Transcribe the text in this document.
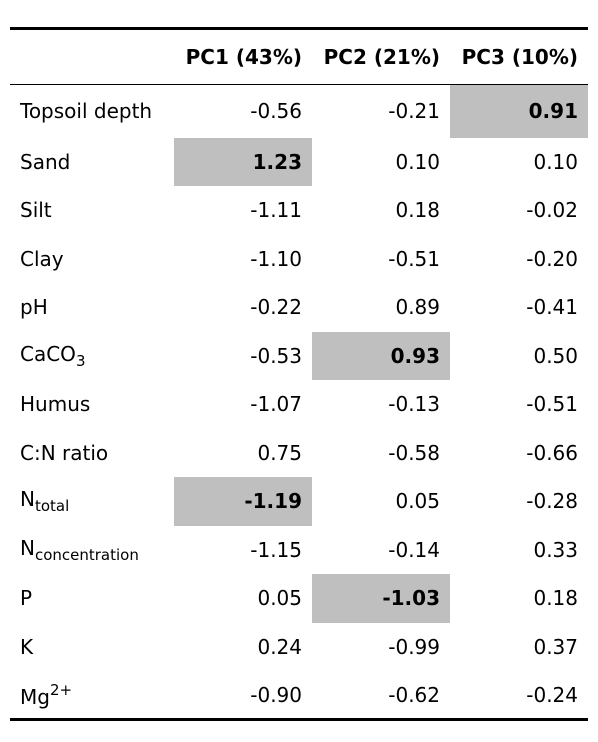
	PC1 (43%)	PC2 (21%)	PC3 (10%)
Topsoil depth	-0.56	-0.21	0.91
Sand	1.23	0.10	0.10
Silt	-1.11	0.18	-0.02
Clay	-1.10	-0.51	-0.20
pH	-0.22	0.89	-0.41
CaCO$_3$	-0.53	0.93	0.50
Humus	-1.07	-0.13	-0.51
C:N ratio	0.75	-0.58	-0.66
$N_{total}$	-1.19	0.05	-0.28
$N_{concentration}$	-1.15	-0.14	0.33
P	0.05	-1.03	0.18
K	0.24	-0.99	0.37
$Mg^{2+}$	-0.90	-0.62	-0.24
